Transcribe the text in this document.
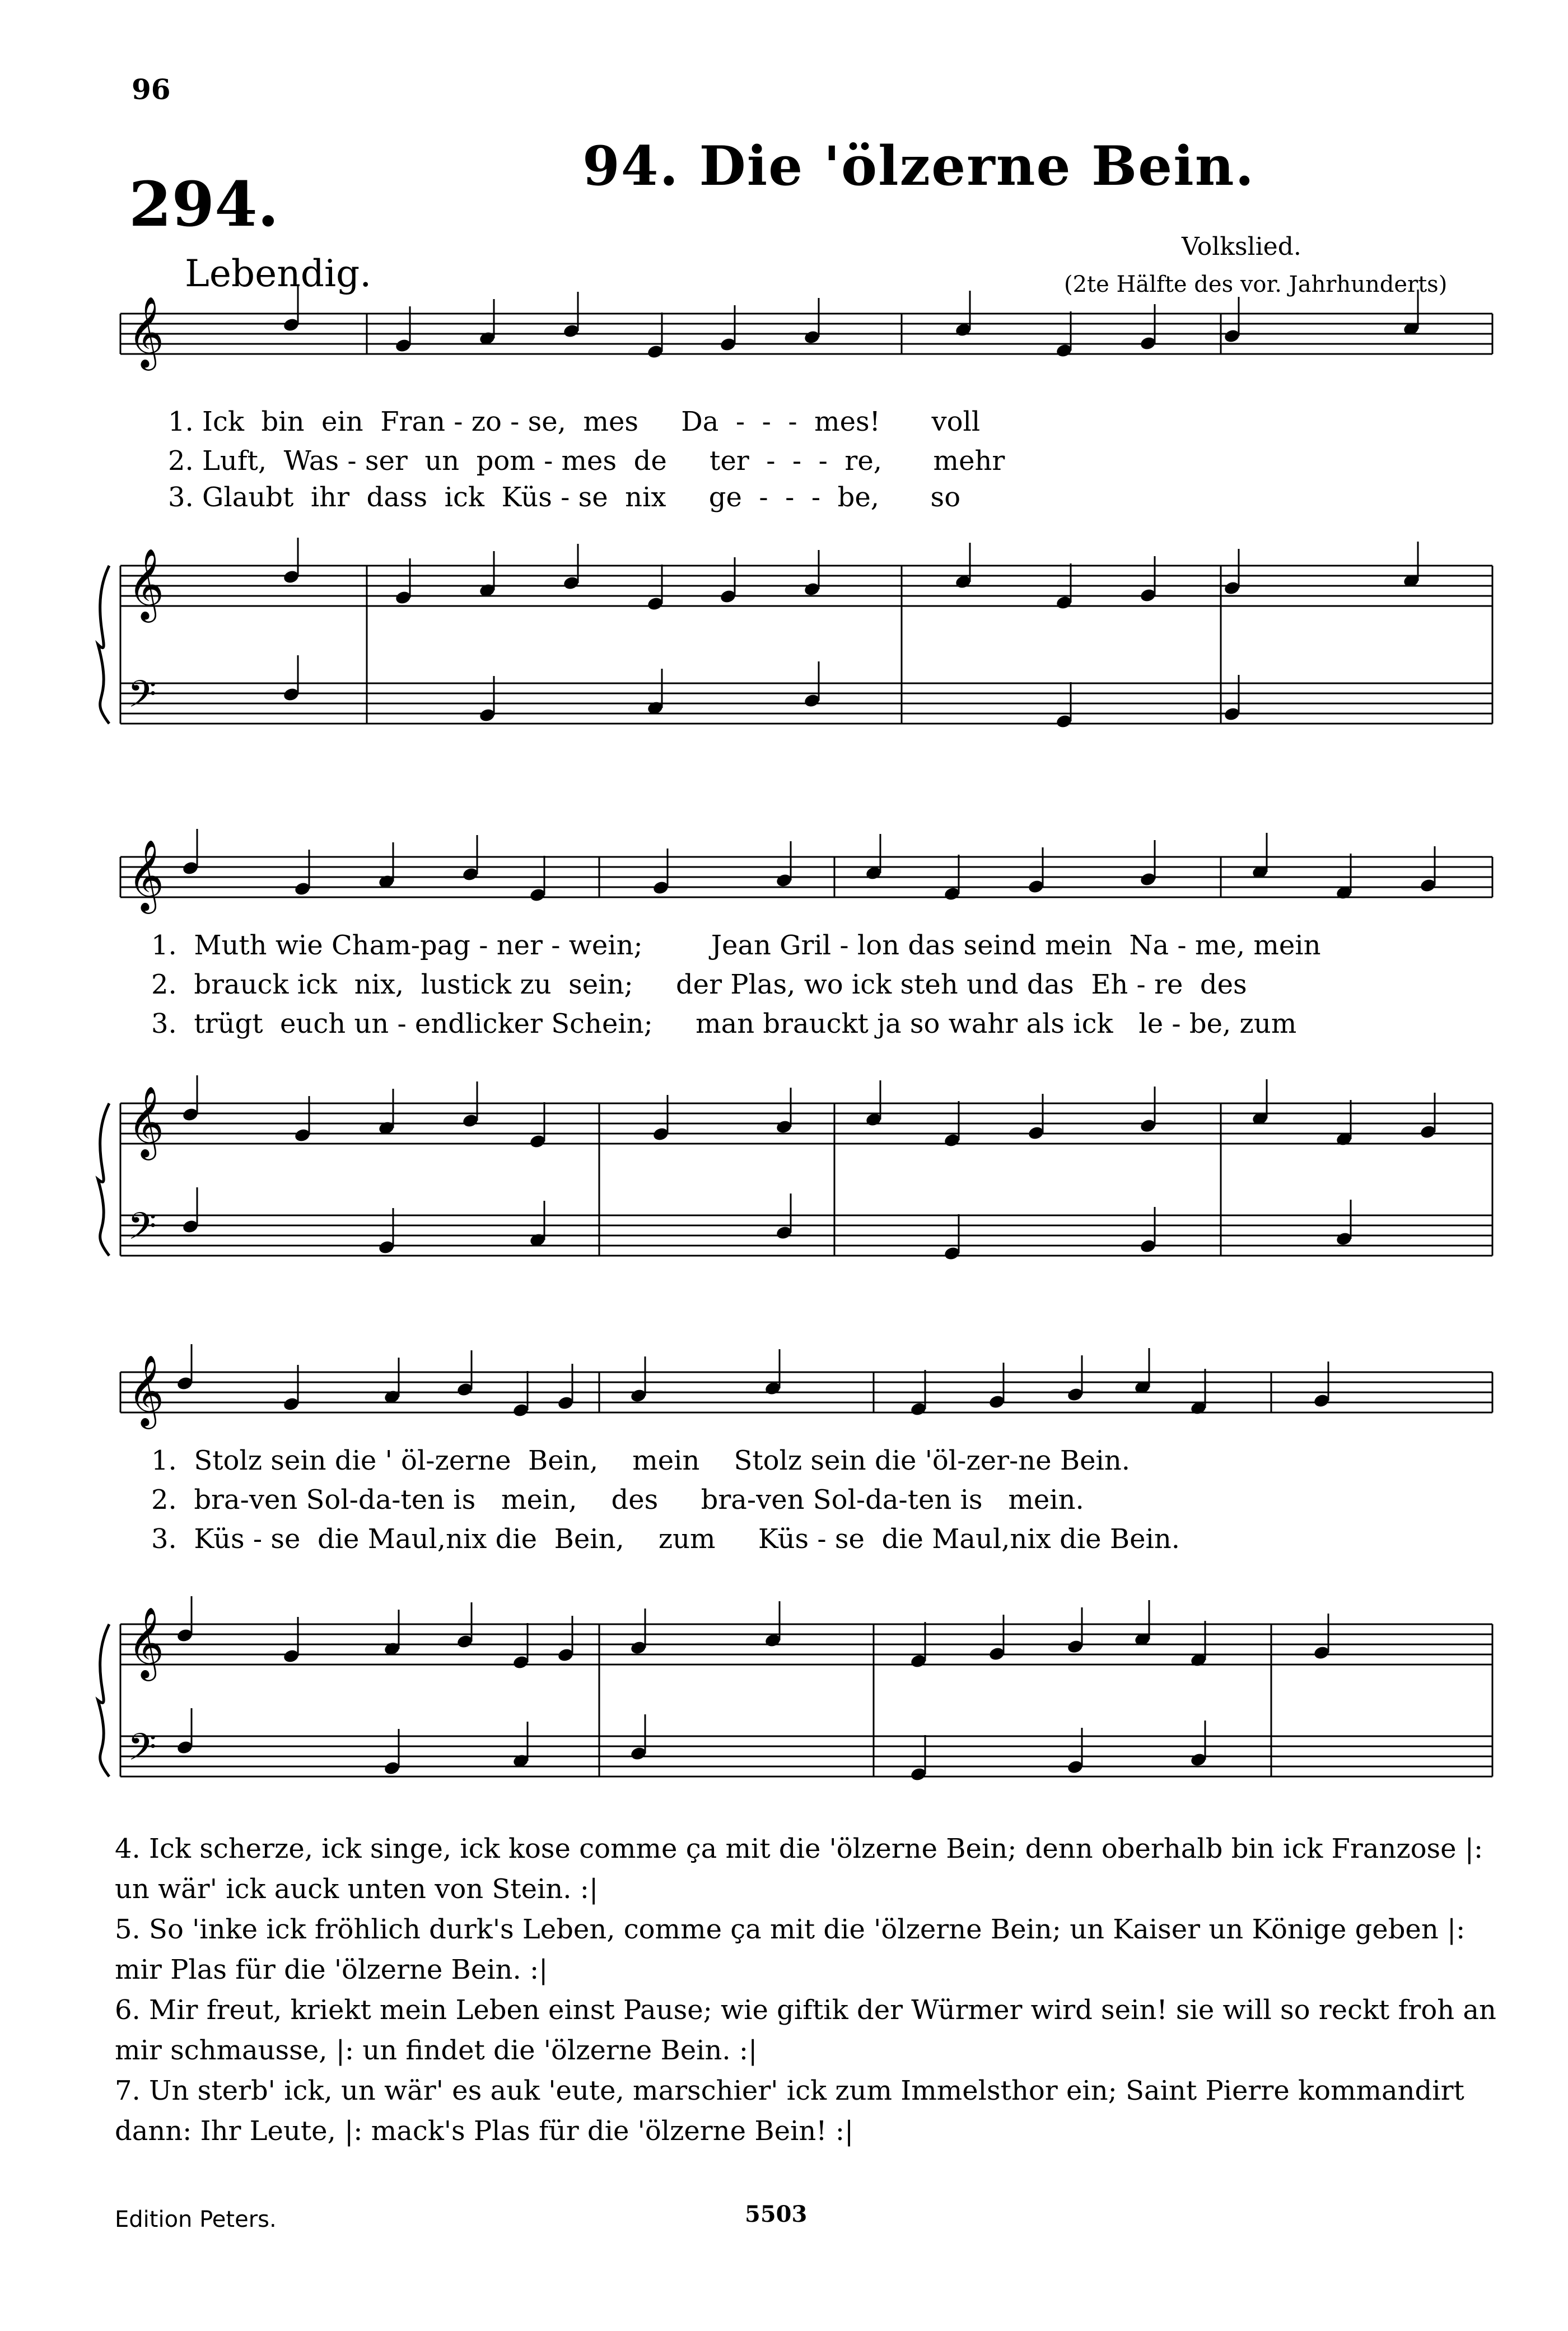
96
294.
94. Die 'ölzerne Bein.
Lebendig.
Volkslied.
(2te Hälfte des vor. Jahrhunderts)
𝄞
𝄞
𝄢
𝄞
𝄞
𝄢
𝄞
𝄞
𝄢
1. Ick  bin  ein  Fran - zo - se,  mes     Da  -  -  -  mes!      voll
2. Luft,  Was - ser  un  pom - mes  de     ter  -  -  -  re,      mehr
3. Glaubt  ihr  dass  ick  Küs - se  nix     ge  -  -  -  be,      so
1.  Muth wie Cham-pag - ner - wein;        Jean Gril - lon das seind mein  Na - me, mein
2.  brauck ick  nix,  lustick zu  sein;     der Plas, wo ick steh und das  Eh - re  des
3.  trügt  euch un - endlicker Schein;     man brauckt ja so wahr als ick   le - be, zum
1.  Stolz sein die ' öl-zerne  Bein,    mein    Stolz sein die 'öl-zer-ne Bein.
2.  bra-ven Sol-da-ten is   mein,    des     bra-ven Sol-da-ten is   mein.
3.  Küs - se  die Maul,nix die  Bein,    zum     Küs - se  die Maul,nix die Bein.

4. Ick scherze, ick singe, ick kose comme ça mit die 'ölzerne Bein; denn oberhalb bin ick Franzose |: un wär' ick auck unten von Stein. :|

5. So 'inke ick fröhlich durk's Leben, comme ça mit die 'ölzerne Bein; un Kaiser un Könige geben |: mir Plas für die 'ölzerne Bein. :|

6. Mir freut, kriekt mein Leben einst Pause; wie giftik der Würmer wird sein! sie will so reckt froh an mir schmausse, |: un findet die 'ölzerne Bein. :|

7. Un sterb' ick, un wär' es auk 'eute, marschier' ick zum Immelsthor ein; Saint Pierre kommandirt dann: Ihr Leute, |: mack's Plas für die 'ölzerne Bein! :|

Edition Peters.	5503
